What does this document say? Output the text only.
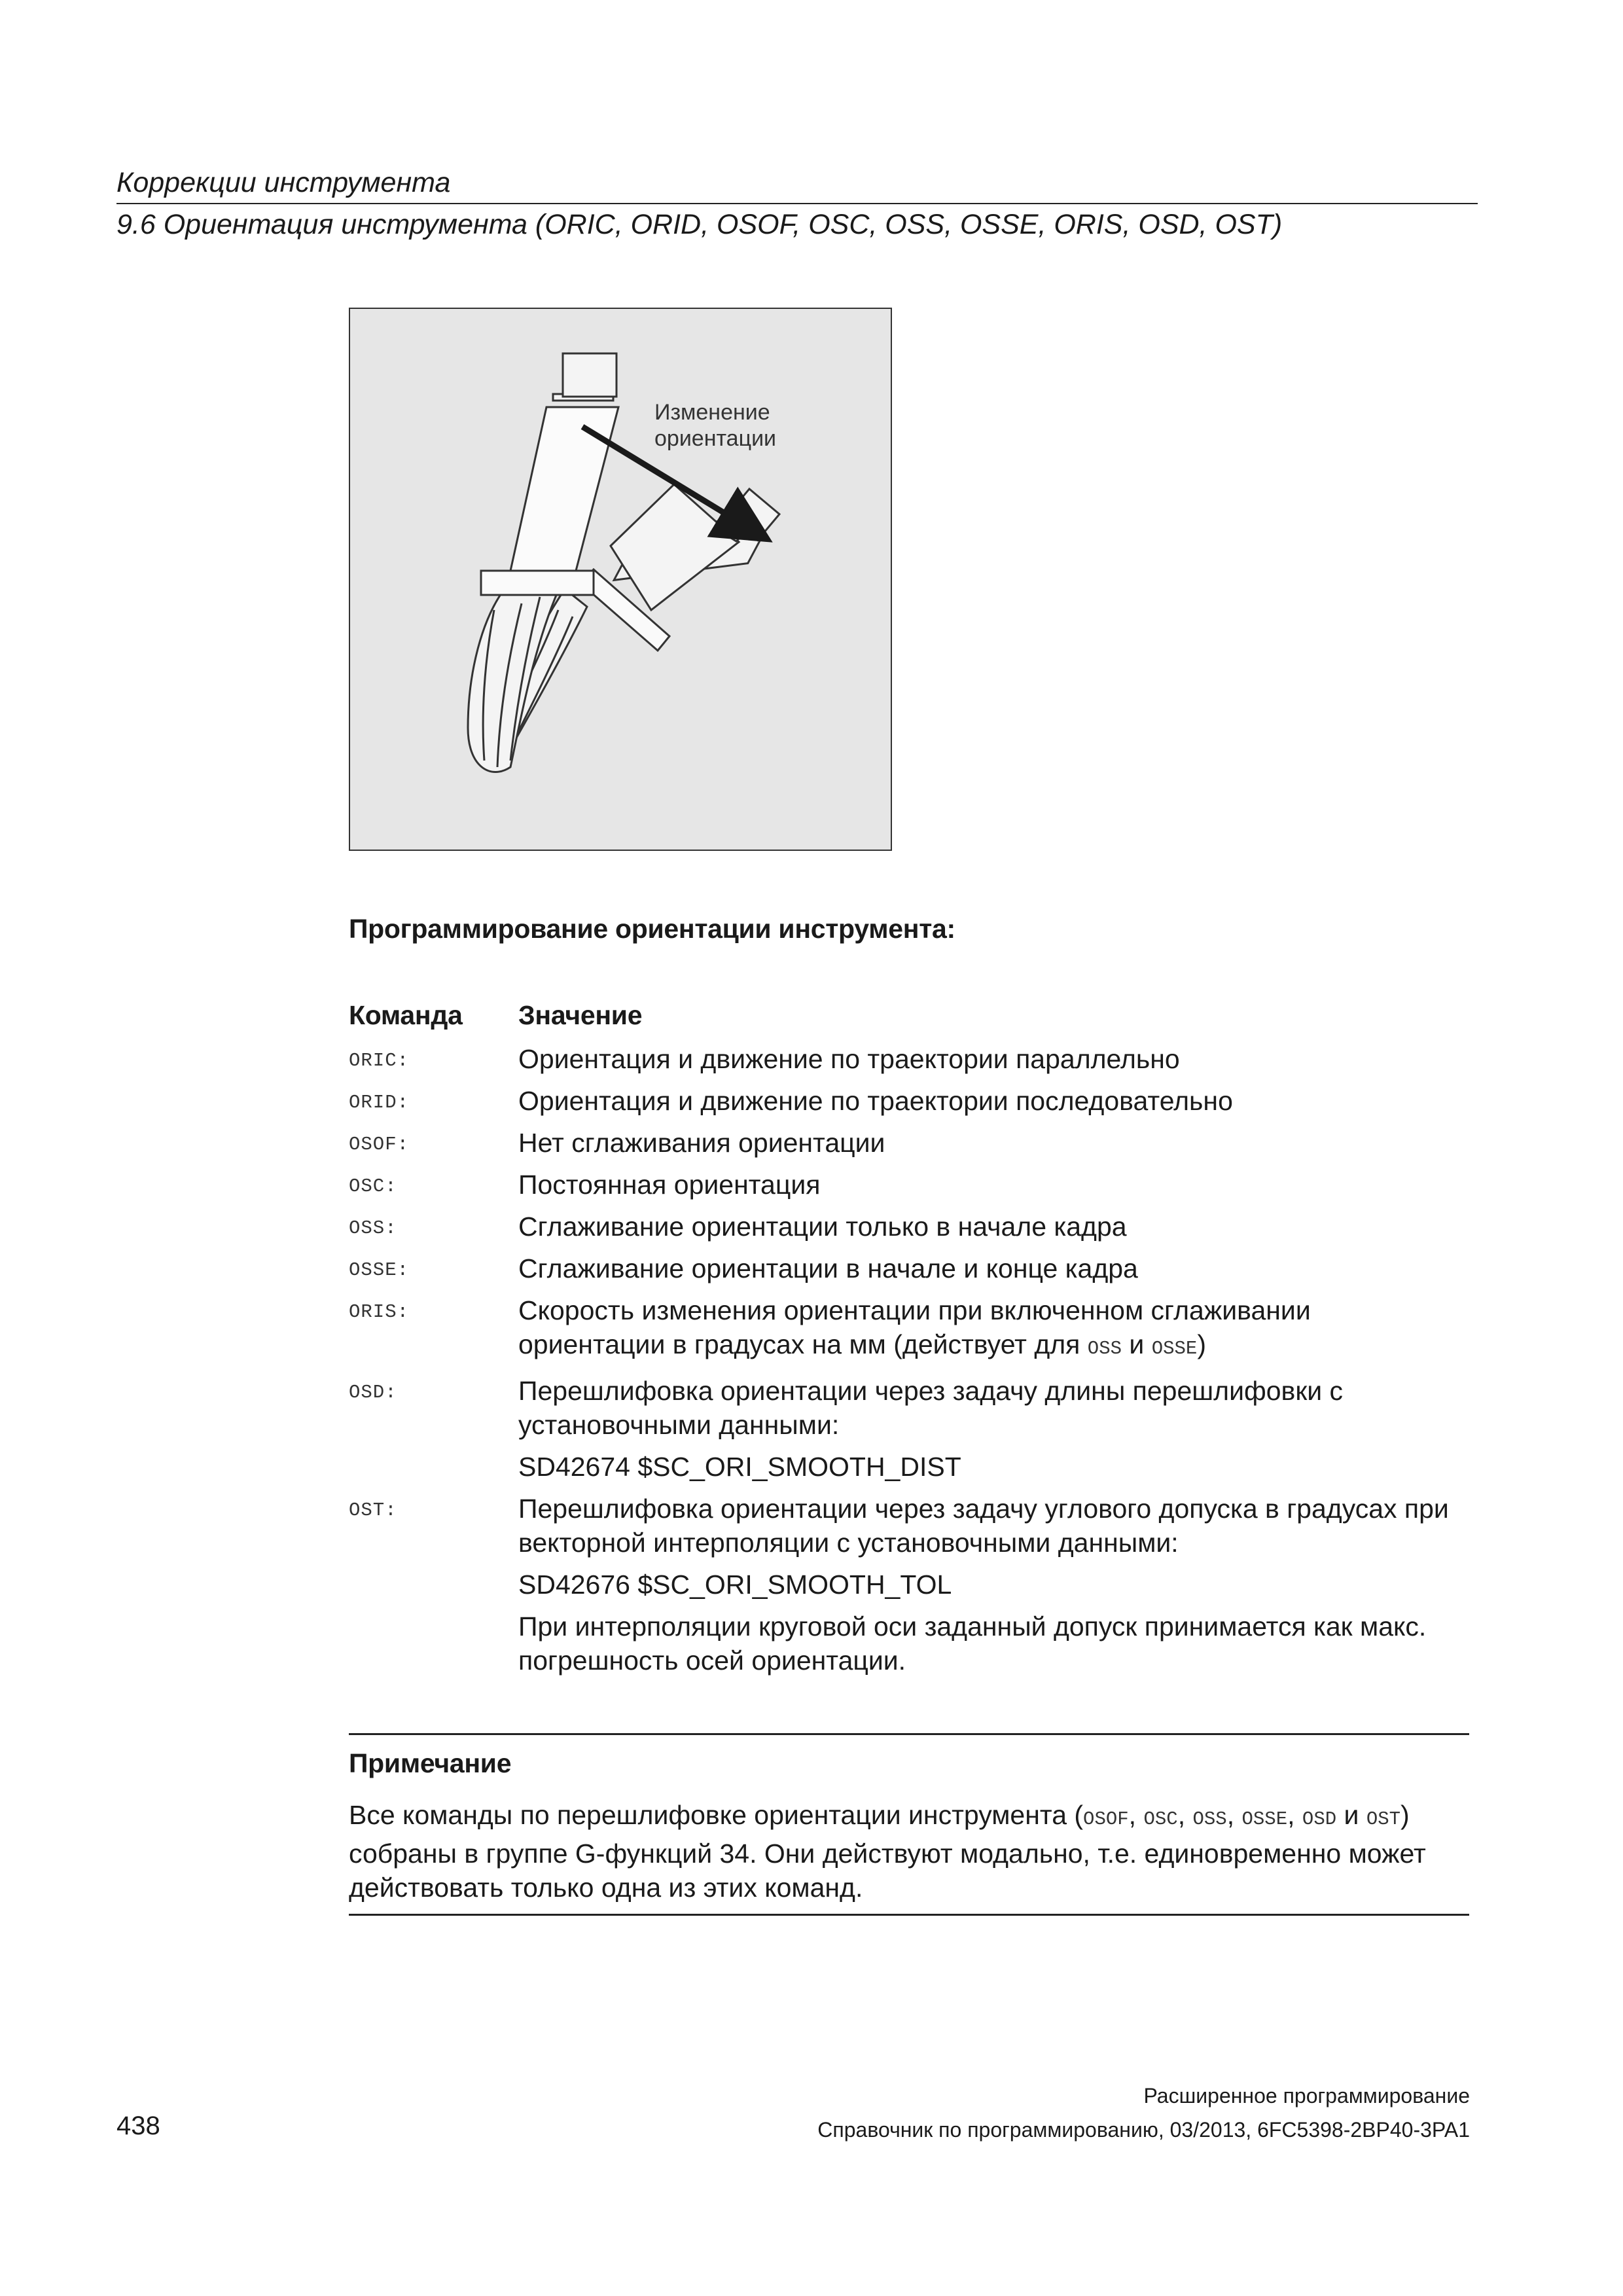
Коррекции инструмента
9.6 Ориентация инструмента (ORIC, ORID, OSOF, OSC, OSS, OSSE, ORIS, OSD, OST)
Изменение
ориентации
Программирование ориентации инструмента:
Команда Значение
ORIC:	Ориентация и движение по траектории параллельно

ORID:	Ориентация и движение по траектории последовательно

OSOF:	Нет сглаживания ориентации

OSC:	Постоянная ориентация

OSS:	Сглаживание ориентации только в начале кадра

OSSE:	Сглаживание ориентации в начале и конце кадра

ORIS:	Скорость изменения ориентации при включенном сглаживании
ориентации в градусах на мм (действует для OSS и OSSE)

OSD:	Перешлифовка ориентации через задачу длины перешлифовки с установочными данными:

SD42674 $SC_ORI_SMOOTH_DIST

OST:	Перешлифовка ориентации через задачу углового допуска в градусах при векторной интерполяции с установочными данными:

SD42676 $SC_ORI_SMOOTH_TOL

При интерполяции круговой оси заданный допуск принимается как макс. погрешность осей ориентации.

Примечание
Все команды по перешлифовке ориентации инструмента (OSOF, OSC, OSS, OSSE, OSD и OST) собраны в группе G-функций 34. Они действуют модально, т.е. единовременно может действовать только одна из этих команд.
Расширенное программирование
438	Справочник по программированию, 03/2013, 6FC5398-2BP40-3PA1
